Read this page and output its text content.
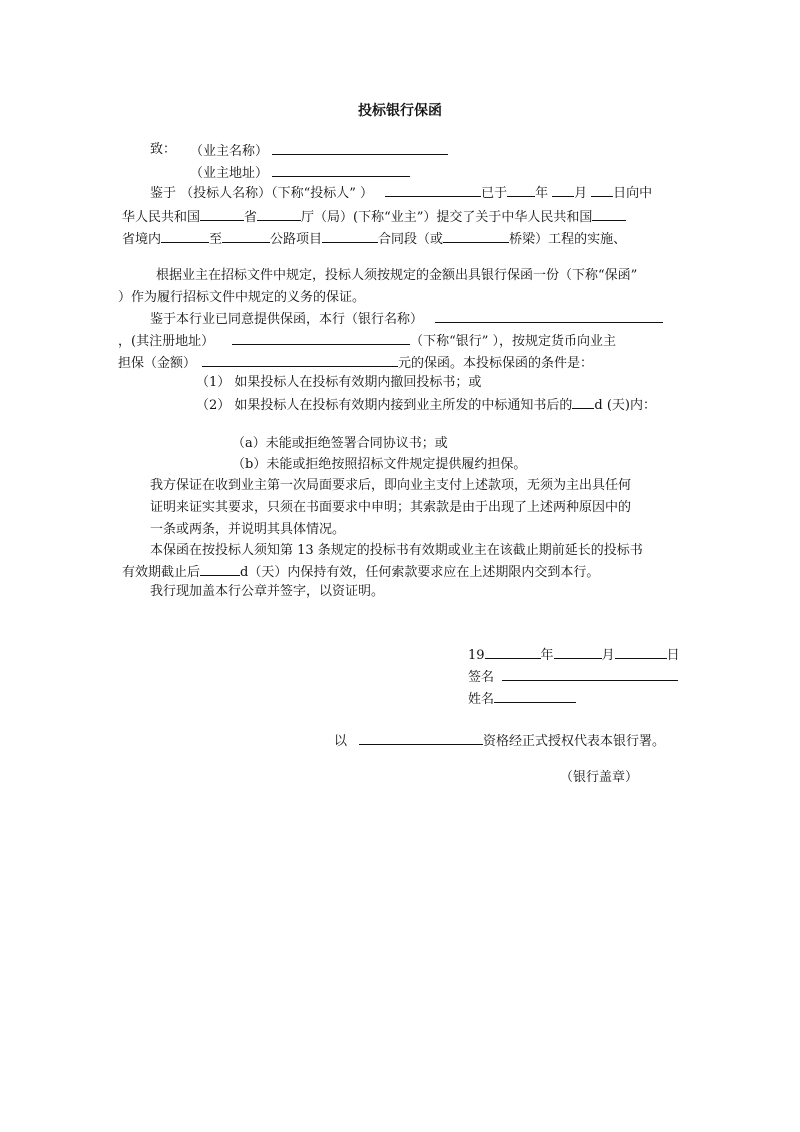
投标银行保函
致： （业主名称）
（业主地址）
鉴于 （投标人名称）（下称“投标人” ）	已于 年 月 日向中
华人民共和国	省	厅（局）(下称“业主”）提交了关于中华人民共和国
省境内	至	公路项目	合同段（或	桥梁）工程的实施、
根据业主在招标文件中规定，投标人须按规定的金额出具银行保函一份（下称“保函”
）作为履行招标文件中规定的义务的保证。
鉴于本行业已同意提供保函，本行（银行名称）
，(其注册地址）	（下称“银行” ），按规定货币向业主
担保（金额）	元的保函。本投标保函的条件是：
（1） 如果投标人在投标有效期内撤回投标书；或
（2） 如果投标人在投标有效期内接到业主所发的中标通知书后的 d (天)内：
（a）未能或拒绝签署合同协议书；或
（b）未能或拒绝按照招标文件规定提供履约担保。
我方保证在收到业主第一次局面要求后，即向业主支付上述款项，无须为主出具任何
证明来证实其要求，只须在书面要求中申明；其索款是由于出现了上述两种原因中的
一条或两条，并说明其具体情况。
本保函在按投标人须知第 13 条规定的投标书有效期或业主在该截止期前延长的投标书
有效期截止后	d（天）内保持有效，任何索款要求应在上述期限内交到本行。
我行现加盖本行公章并签字，以资证明。
19	年	月	日
签名
姓名
以	资格经正式授权代表本银行署。
（银行盖章）
